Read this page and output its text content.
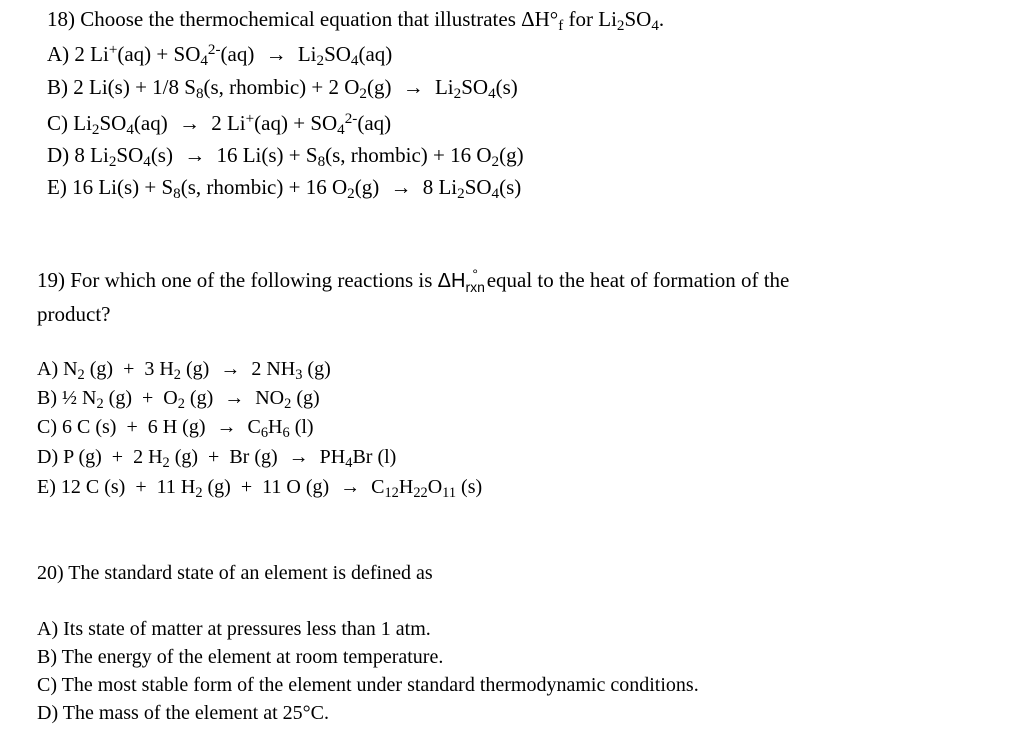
18) Choose the thermochemical equation that illustrates $\Delta H^\circ_f$ for $Li_2SO_4$.
A) 2 $Li^+(aq) + SO_4^{2-}(aq) \to Li_2SO_4(aq)$
B) 2 Li(s) + 1/8 $S_8(s$, rhombic) + 2 $O_2(g) \to Li_2SO_4(s)$
C) $Li_2SO_4(aq) \to 2$ $Li^+(aq) + SO_4^{2-}(aq)$
D) 8 $Li_2SO_4(s) \to 16$ $Li(s) + S_8(s$, rhombic) + 16 $O_2(g)$
E) 16 $Li(s) + S_8(s$, rhombic) + 16 $O_2(g) \to 8$ $Li_2SO_4(s)$
19) For which one of the following reactions is $\Delta H_{rxn}^\circ$ equal to the heat of formation of the
product?
A) $N_2$ (g)  +  3 $H_2$ (g) → 2 $NH_3$ (g)
B) ½ $N_2$ $(g) + O_2$ $(g) \to NO_2$ (g)
C) 6 C (s)  +  6 H $(g) \to C_6H_6$ (l)
D) P (g)  +  2 $H_2$ (g)  +  Br $(g) \to PH_4Br$ (l)
E) 12 C (s)  +  11 $H_2$ (g)  +  11 O $(g) \to C_{12}H_{22}O_{11}$ (s)
20) The standard state of an element is defined as
A) Its state of matter at pressures less than 1 atm.
B) The energy of the element at room temperature.
C) The most stable form of the element under standard thermodynamic conditions.
D) The mass of the element at 25°C.
